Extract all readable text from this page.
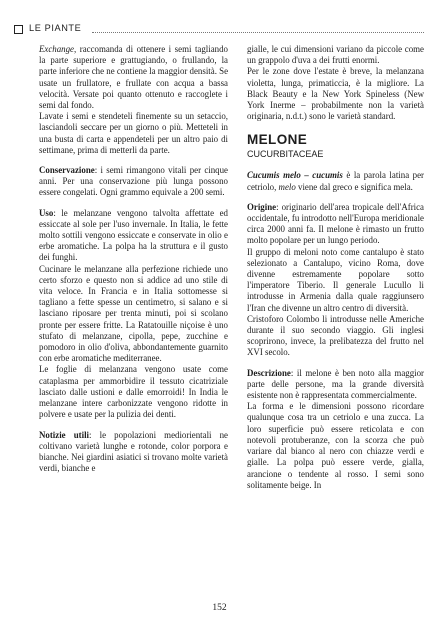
LE PIANTE

Exchange, raccomanda di ottenere i semi tagliando la parte superiore e grattugiando, o frullando, la parte inferiore che ne contiene la maggior densità. Se usate un frullatore, e frullate con acqua a bassa velocità. Versate poi quanto ottenuto e raccoglete i semi dal fondo.

Lavate i semi e stendeteli finemente su un setaccio, lasciandoli seccare per un giorno o più. Metteteli in una busta di carta e appendeteli per un altro paio di settimane, prima di metterli da parte.

Conservazione: i semi rimangono vitali per cinque anni. Per una conservazione più lunga possono essere congelati. Ogni grammo equivale a 200 semi.

Uso: le melanzane vengono talvolta affettate ed essiccate al sole per l'uso invernale. In Italia, le fette molto sottili vengono essiccate e conservate in olio e erbe aromatiche. La polpa ha la struttura e il gusto dei funghi.

Cucinare le melanzane alla perfezione richiede uno certo sforzo e questo non si addice ad uno stile di vita veloce. In Francia e in Italia sottomesse si tagliano a fette spesse un centimetro, si salano e si lasciano riposare per trenta minuti, poi si scolano pronte per essere fritte. La Ratatouille niçoise è uno stufato di melanzane, cipolla, pepe, zucchine e pomodoro in olio d'oliva, abbondantemente guarnito con erbe aromatiche mediterranee.

Le foglie di melanzana vengono usate come cataplasma per ammorbidire il tessuto cicatriziale lasciato dalle ustioni e dalle emorroidi! In India le melanzane intere carbonizzate vengono ridotte in polvere e usate per la pulizia dei denti.

Notizie utili: le popolazioni mediorientali ne coltivano varietà lunghe e rotonde, color porpora e bianche. Nei giardini asiatici si trovano molte varietà verdi, bianche e

gialle, le cui dimensioni variano da piccole come un grappolo d'uva a dei frutti enormi.

Per le zone dove l'estate è breve, la melanzana violetta, lunga, primaticcia, è la migliore. La Black Beauty e la New York Spineless (New York Inerme – probabilmente non la varietà originaria, n.d.t.) sono le varietà standard.

MELONE
CUCURBITACEAE

Cucumis melo – cucumis è la parola latina per cetriolo, melo viene dal greco e significa mela.

Origine: originario dell'area tropicale dell'Africa occidentale, fu introdotto nell'Europa meridionale circa 2000 anni fa. Il melone è rimasto un frutto molto popolare per un lungo periodo.

Il gruppo di meloni noto come cantalupo è stato selezionato a Cantalupo, vicino Roma, dove divenne estremamente popolare sotto l'imperatore Tiberio. Il generale Lucullo li introdusse in Armenia dalla quale raggiunsero l'Iran che divenne un altro centro di diversità.

Cristoforo Colombo li introdusse nelle Americhe durante il suo secondo viaggio. Gli inglesi scoprirono, invece, la prelibatezza del frutto nel XVI secolo.

Descrizione: il melone è ben noto alla maggior parte delle persone, ma la grande diversità esistente non è rappresentata commercialmente.

La forma e le dimensioni possono ricordare qualunque cosa tra un cetriolo e una zucca. La loro superficie può essere reticolata e con notevoli protuberanze, con la scorza che può variare dal bianco al nero con chiazze verdi e gialle. La polpa può essere verde, gialla, arancione o tendente al rosso. I semi sono solitamente beige. In

152
